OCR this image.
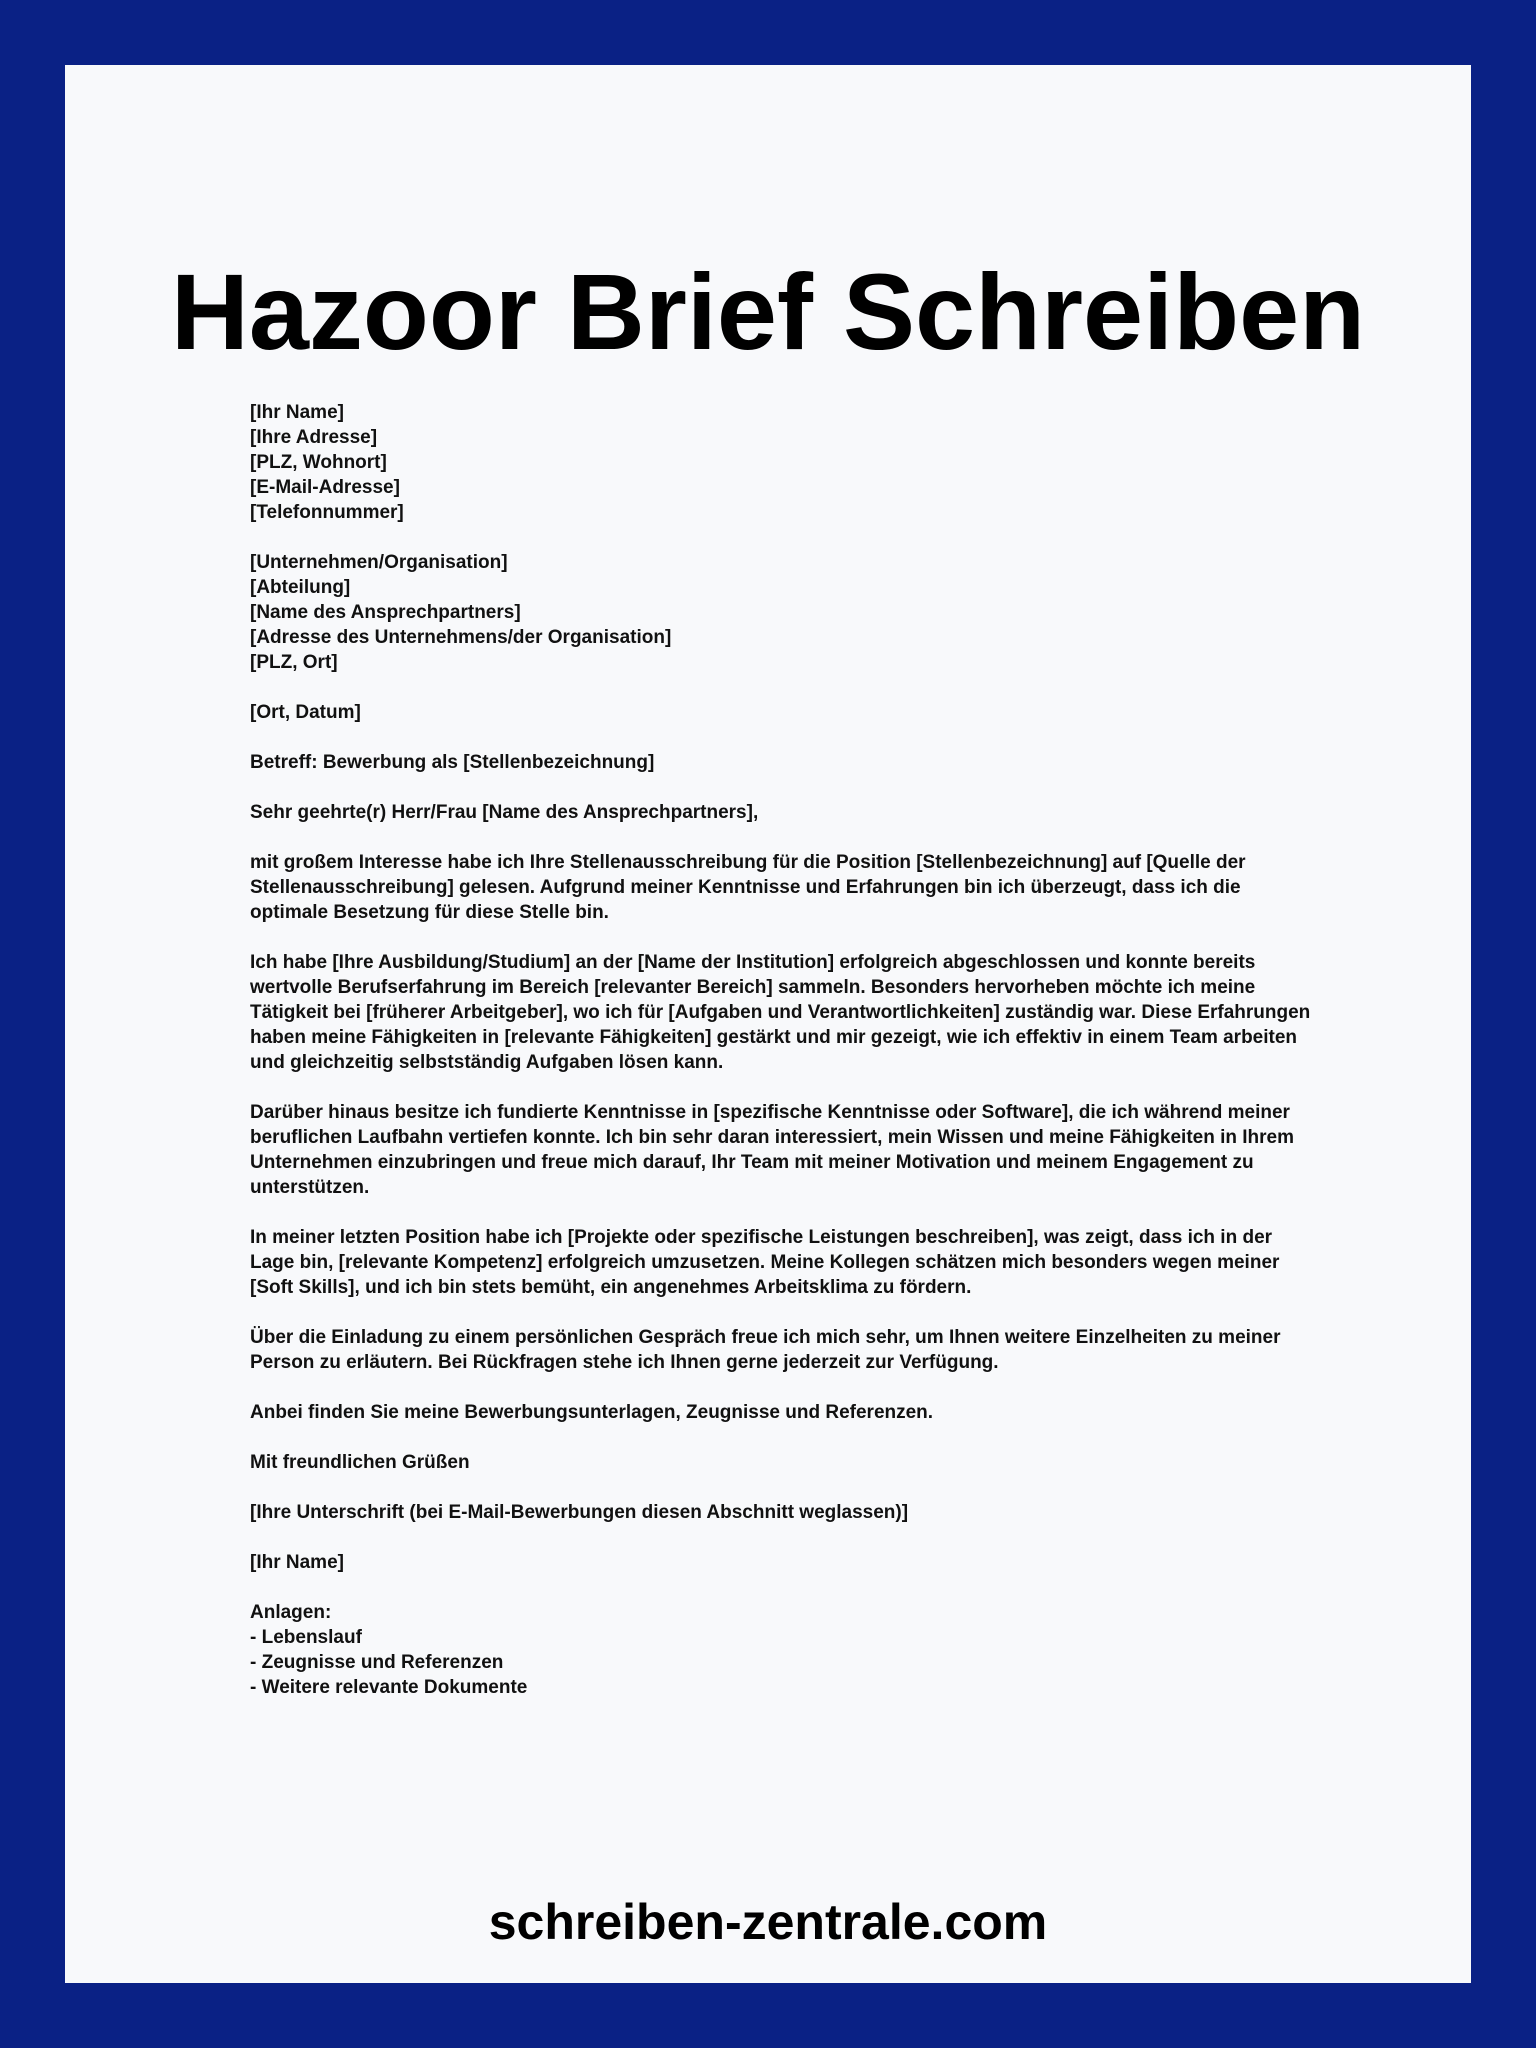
Hazoor Brief Schreiben
[Ihr Name]
[Ihre Adresse]
[PLZ, Wohnort]
[E-Mail-Adresse]
[Telefonnummer]
[Unternehmen/Organisation]
[Abteilung]
[Name des Ansprechpartners]
[Adresse des Unternehmens/der Organisation]
[PLZ, Ort]
[Ort, Datum]
Betreff: Bewerbung als [Stellenbezeichnung]
Sehr geehrte(r) Herr/Frau [Name des Ansprechpartners],

mit großem Interesse habe ich Ihre Stellenausschreibung für die Position [Stellenbezeichnung] auf [Quelle der Stellenausschreibung] gelesen. Aufgrund meiner Kenntnisse und Erfahrungen bin ich überzeugt, dass ich die optimale Besetzung für diese Stelle bin.

Ich habe [Ihre Ausbildung/Studium] an der [Name der Institution] erfolgreich abgeschlossen und konnte bereits wertvolle Berufserfahrung im Bereich [relevanter Bereich] sammeln. Besonders hervorheben möchte ich meine Tätigkeit bei [früherer Arbeitgeber], wo ich für [Aufgaben und Verantwortlichkeiten] zuständig war. Diese Erfahrungen haben meine Fähigkeiten in [relevante Fähigkeiten] gestärkt und mir gezeigt, wie ich effektiv in einem Team arbeiten und gleichzeitig selbstständig Aufgaben lösen kann.

Darüber hinaus besitze ich fundierte Kenntnisse in [spezifische Kenntnisse oder Software], die ich während meiner beruflichen Laufbahn vertiefen konnte. Ich bin sehr daran interessiert, mein Wissen und meine Fähigkeiten in Ihrem Unternehmen einzubringen und freue mich darauf, Ihr Team mit meiner Motivation und meinem Engagement zu unterstützen.

In meiner letzten Position habe ich [Projekte oder spezifische Leistungen beschreiben], was zeigt, dass ich in der Lage bin, [relevante Kompetenz] erfolgreich umzusetzen. Meine Kollegen schätzen mich besonders wegen meiner [Soft Skills], und ich bin stets bemüht, ein angenehmes Arbeitsklima zu fördern.

Über die Einladung zu einem persönlichen Gespräch freue ich mich sehr, um Ihnen weitere Einzelheiten zu meiner Person zu erläutern. Bei Rückfragen stehe ich Ihnen gerne jederzeit zur Verfügung.

Anbei finden Sie meine Bewerbungsunterlagen, Zeugnisse und Referenzen.

Mit freundlichen Grüßen
[Ihre Unterschrift (bei E-Mail-Bewerbungen diesen Abschnitt weglassen)]
[Ihr Name]
Anlagen:
- Lebenslauf
- Zeugnisse und Referenzen
- Weitere relevante Dokumente
schreiben-zentrale.com
